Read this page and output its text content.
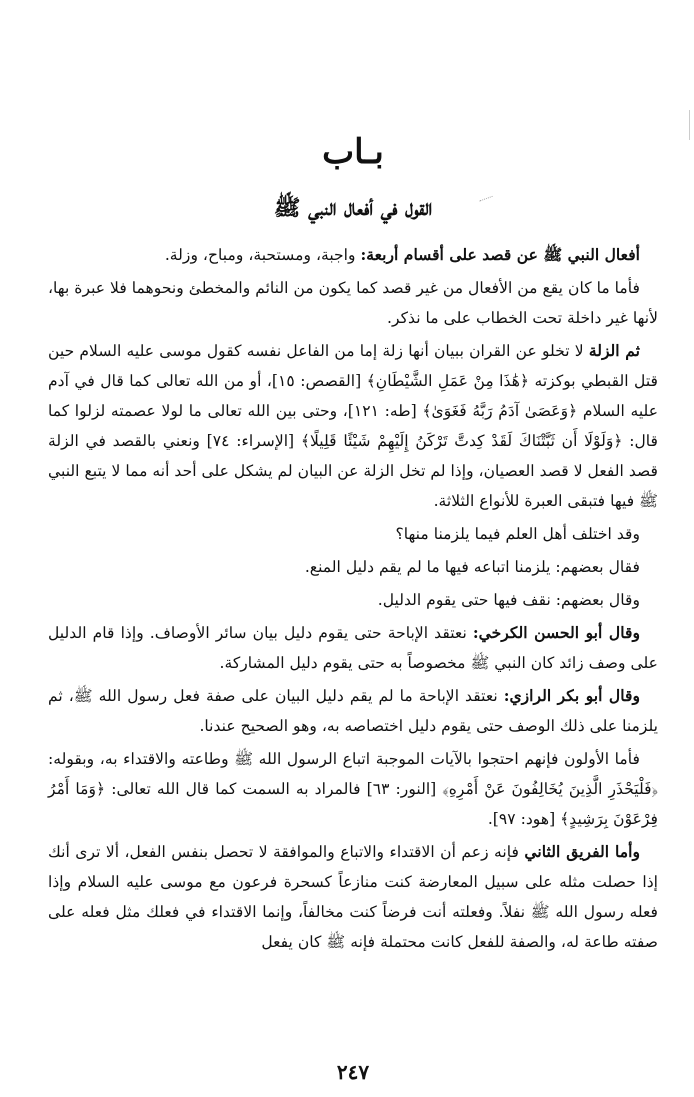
بـاب
القول في أفعال النبي ﷺ

أفعال النبي ﷺ عن قصد على أقسام أربعة: واجبة، ومستحبة، ومباح، وزلة.

فأما ما كان يقع من الأفعال من غير قصد كما يكون من النائم والمخطئ ونحوهما فلا عبرة بها، لأنها غير داخلة تحت الخطاب على ما نذكر.

ثم الزلة لا تخلو عن القران ببيان أنها زلة إما من الفاعل نفسه كقول موسى عليه السلام حين قتل القبطي بوكزته ﴿هَٰذَا مِنْ عَمَلِ الشَّيْطَانِ﴾ [القصص: ١٥]، أو من الله تعالى كما قال في آدم عليه السلام ﴿وَعَصَىٰ آدَمُ رَبَّهُ فَغَوَىٰ﴾ [طه: ١٢١]، وحتى بين الله تعالى ما لولا عصمته لزلوا كما قال: ﴿وَلَوْلَا أَن ثَبَّتْنَاكَ لَقَدْ كِدتَّ تَرْكَنُ إِلَيْهِمْ شَيْئًا قَلِيلًا﴾ [الإسراء: ٧٤] ونعني بالقصد في الزلة قصد الفعل لا قصد العصيان، وإذا لم تخل الزلة عن البيان لم يشكل على أحد أنه مما لا يتبع النبي ﷺ فيها فتبقى العبرة للأنواع الثلاثة.

وقد اختلف أهل العلم فيما يلزمنا منها؟

فقال بعضهم: يلزمنا اتباعه فيها ما لم يقم دليل المنع.

وقال بعضهم: نقف فيها حتى يقوم الدليل.

وقال أبو الحسن الكرخي: نعتقد الإباحة حتى يقوم دليل بيان سائر الأوصاف. وإذا قام الدليل على وصف زائد كان النبي ﷺ مخصوصاً به حتى يقوم دليل المشاركة.

وقال أبو بكر الرازي: نعتقد الإباحة ما لم يقم دليل البيان على صفة فعل رسول الله ﷺ، ثم يلزمنا على ذلك الوصف حتى يقوم دليل اختصاصه به، وهو الصحيح عندنا.

فأما الأولون فإنهم احتجوا بالآيات الموجبة اتباع الرسول الله ﷺ وطاعته والاقتداء به، وبقوله: ﴿فَلْيَحْذَرِ الَّذِينَ يُخَالِفُونَ عَنْ أَمْرِهِ﴾ [النور: ٦٣] فالمراد به السمت كما قال الله تعالى: ﴿وَمَا أَمْرُ فِرْعَوْنَ بِرَشِيدٍ﴾ [هود: ٩٧].

وأما الفريق الثاني فإنه زعم أن الاقتداء والاتباع والموافقة لا تحصل بنفس الفعل، ألا ترى أنك إذا حصلت مثله على سبيل المعارضة كنت منازعاً كسحرة فرعون مع موسى عليه السلام وإذا فعله رسول الله ﷺ نفلاً. وفعلته أنت فرضاً كنت مخالفاً، وإنما الاقتداء في فعلك مثل فعله على صفته طاعة له، والصفة للفعل كانت محتملة فإنه ﷺ كان يفعل

٢٤٧
